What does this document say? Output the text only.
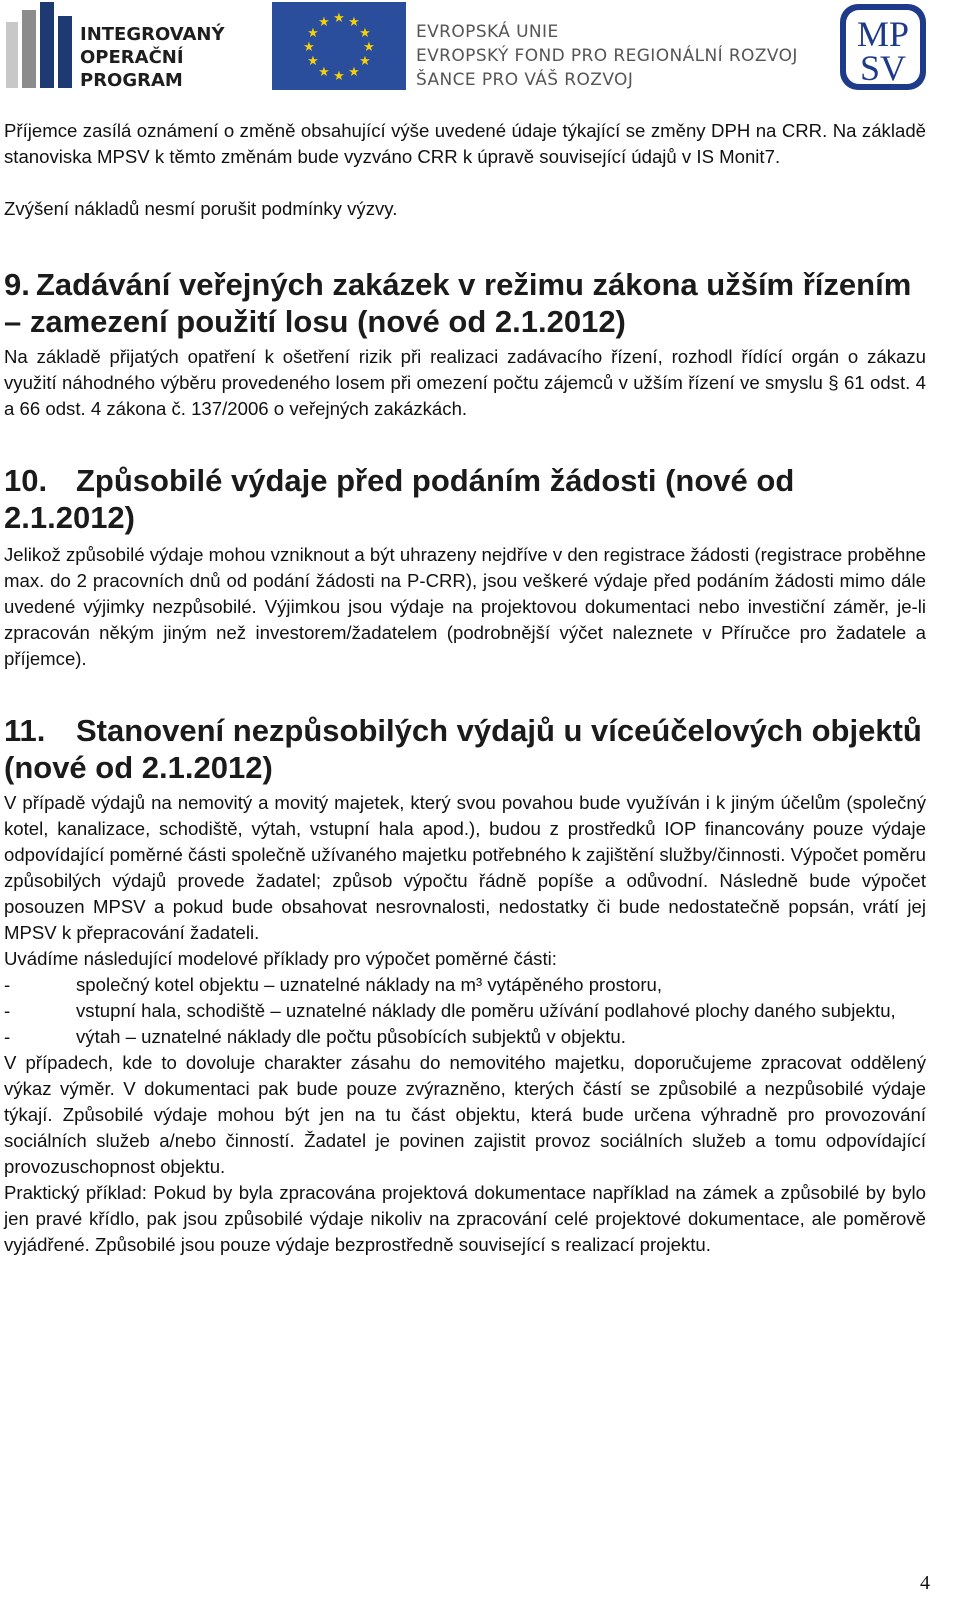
INTEGROVANÝ
OPERAČNÍ
PROGRAM
★ ★
★
★
★
★
★
★
★
★
★
★	EVROPSKÁ UNIE
EVROPSKÝ FOND PRO REGIONÁLNÍ ROZVOJ
ŠANCE PRO VÁŠ ROZVOJ
MP
SV

Příjemce zasílá oznámení o změně obsahující výše uvedené údaje týkající se změny DPH na CRR. Na základě stanoviska MPSV k těmto změnám bude vyzváno CRR k úpravě související údajů v IS Monit7.

Zvýšení nákladů nesmí porušit podmínky výzvy.

9. Zadávání veřejných zakázek v režimu zákona užším řízením – zamezení použití losu (nové od 2.1.2012)

Na základě přijatých opatření k ošetření rizik při realizaci zadávacího řízení, rozhodl řídící orgán o zákazu využití náhodného výběru provedeného losem při omezení počtu zájemců v užším řízení ve smyslu § 61 odst. 4 a 66 odst. 4 zákona č. 137/2006 o veřejných zakázkách.

10. Způsobilé výdaje před podáním žádosti (nové od 2.1.2012)

Jelikož způsobilé výdaje mohou vzniknout a být uhrazeny nejdříve v den registrace žádosti (registrace proběhne max. do 2 pracovních dnů od podání žádosti na P-CRR), jsou veškeré výdaje před podáním žádosti mimo dále uvedené výjimky nezpůsobilé. Výjimkou jsou výdaje na projektovou dokumentaci nebo investiční záměr, je-li zpracován někým jiným než investorem/žadatelem (podrobnější výčet naleznete v Příručce pro žadatele a příjemce).

11. Stanovení nezpůsobilých výdajů u víceúčelových objektů (nové od 2.1.2012)

V případě výdajů na nemovitý a movitý majetek, který svou povahou bude využíván i k jiným účelům (společný kotel, kanalizace, schodiště, výtah, vstupní hala apod.), budou z prostředků IOP financovány pouze výdaje odpovídající poměrné části společně užívaného majetku potřebného k zajištění služby/činnosti. Výpočet poměru způsobilých výdajů provede žadatel; způsob výpočtu řádně popíše a odůvodní. Následně bude výpočet posouzen MPSV a pokud bude obsahovat nesrovnalosti, nedostatky či bude nedostatečně popsán, vrátí jej MPSV k přepracování žadateli.

Uvádíme následující modelové příklady pro výpočet poměrné části:

-	společný kotel objektu – uznatelné náklady na m³ vytápěného prostoru,
-	vstupní hala, schodiště – uznatelné náklady dle poměru užívání podlahové plochy daného subjektu,
-	výtah – uznatelné náklady dle počtu působících subjektů v objektu.

V případech, kde to dovoluje charakter zásahu do nemovitého majetku, doporučujeme zpracovat oddělený výkaz výměr. V dokumentaci pak bude pouze zvýrazněno, kterých částí se způsobilé a nezpůsobilé výdaje týkají. Způsobilé výdaje mohou být jen na tu část objektu, která bude určena výhradně pro provozování sociálních služeb a/nebo činností. Žadatel je povinen zajistit provoz sociálních služeb a tomu odpovídající provozuschopnost objektu.

Praktický příklad: Pokud by byla zpracována projektová dokumentace například na zámek a způsobilé by bylo jen pravé křídlo, pak jsou způsobilé výdaje nikoliv na zpracování celé projektové dokumentace, ale poměrově vyjádřené. Způsobilé jsou pouze výdaje bezprostředně související s realizací projektu.

4
